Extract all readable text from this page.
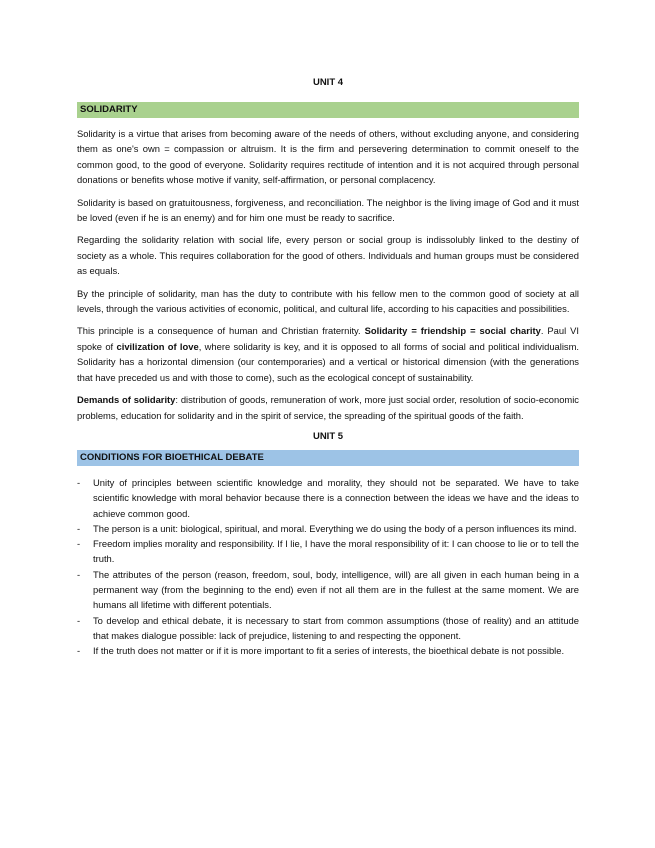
UNIT 4
SOLIDARITY

Solidarity is a virtue that arises from becoming aware of the needs of others, without excluding anyone, and considering them as one's own = compassion or altruism. It is the firm and persevering determination to commit oneself to the common good, to the good of everyone. Solidarity requires rectitude of intention and it is not acquired through personal donations or benefits whose motive if vanity, self-affirmation, or personal complacency.

Solidarity is based on gratuitousness, forgiveness, and reconciliation. The neighbor is the living image of God and it must be loved (even if he is an enemy) and for him one must be ready to sacrifice.

Regarding the solidarity relation with social life, every person or social group is indissolubly linked to the destiny of society as a whole. This requires collaboration for the good of others. Individuals and human groups must be considered as equals.

By the principle of solidarity, man has the duty to contribute with his fellow men to the common good of society at all levels, through the various activities of economic, political, and cultural life, according to his capacities and possibilities.

This principle is a consequence of human and Christian fraternity. Solidarity = friendship = social charity. Paul VI spoke of civilization of love, where solidarity is key, and it is opposed to all forms of social and political individualism. Solidarity has a horizontal dimension (our contemporaries) and a vertical or historical dimension (with the generations that have preceded us and with those to come), such as the ecological concept of sustainability.

Demands of solidarity: distribution of goods, remuneration of work, more just social order, resolution of socio-economic problems, education for solidarity and in the spirit of service, the spreading of the spiritual goods of the faith.

UNIT 5
CONDITIONS FOR BIOETHICAL DEBATE
- Unity of principles between scientific knowledge and morality, they should not be separated. We have to take scientific knowledge with moral behavior because there is a connection between the ideas we have and the ideas to achieve common good.
- The person is a unit: biological, spiritual, and moral. Everything we do using the body of a person influences its mind.
- Freedom implies morality and responsibility. If I lie, I have the moral responsibility of it: I can choose to lie or to tell the truth.
- The attributes of the person (reason, freedom, soul, body, intelligence, will) are all given in each human being in a permanent way (from the beginning to the end) even if not all them are in the fullest at the same moment. We are humans all lifetime with different potentials.
- To develop and ethical debate, it is necessary to start from common assumptions (those of reality) and an attitude that makes dialogue possible: lack of prejudice, listening to and respecting the opponent.
- If the truth does not matter or if it is more important to fit a series of interests, the bioethical debate is not possible.
